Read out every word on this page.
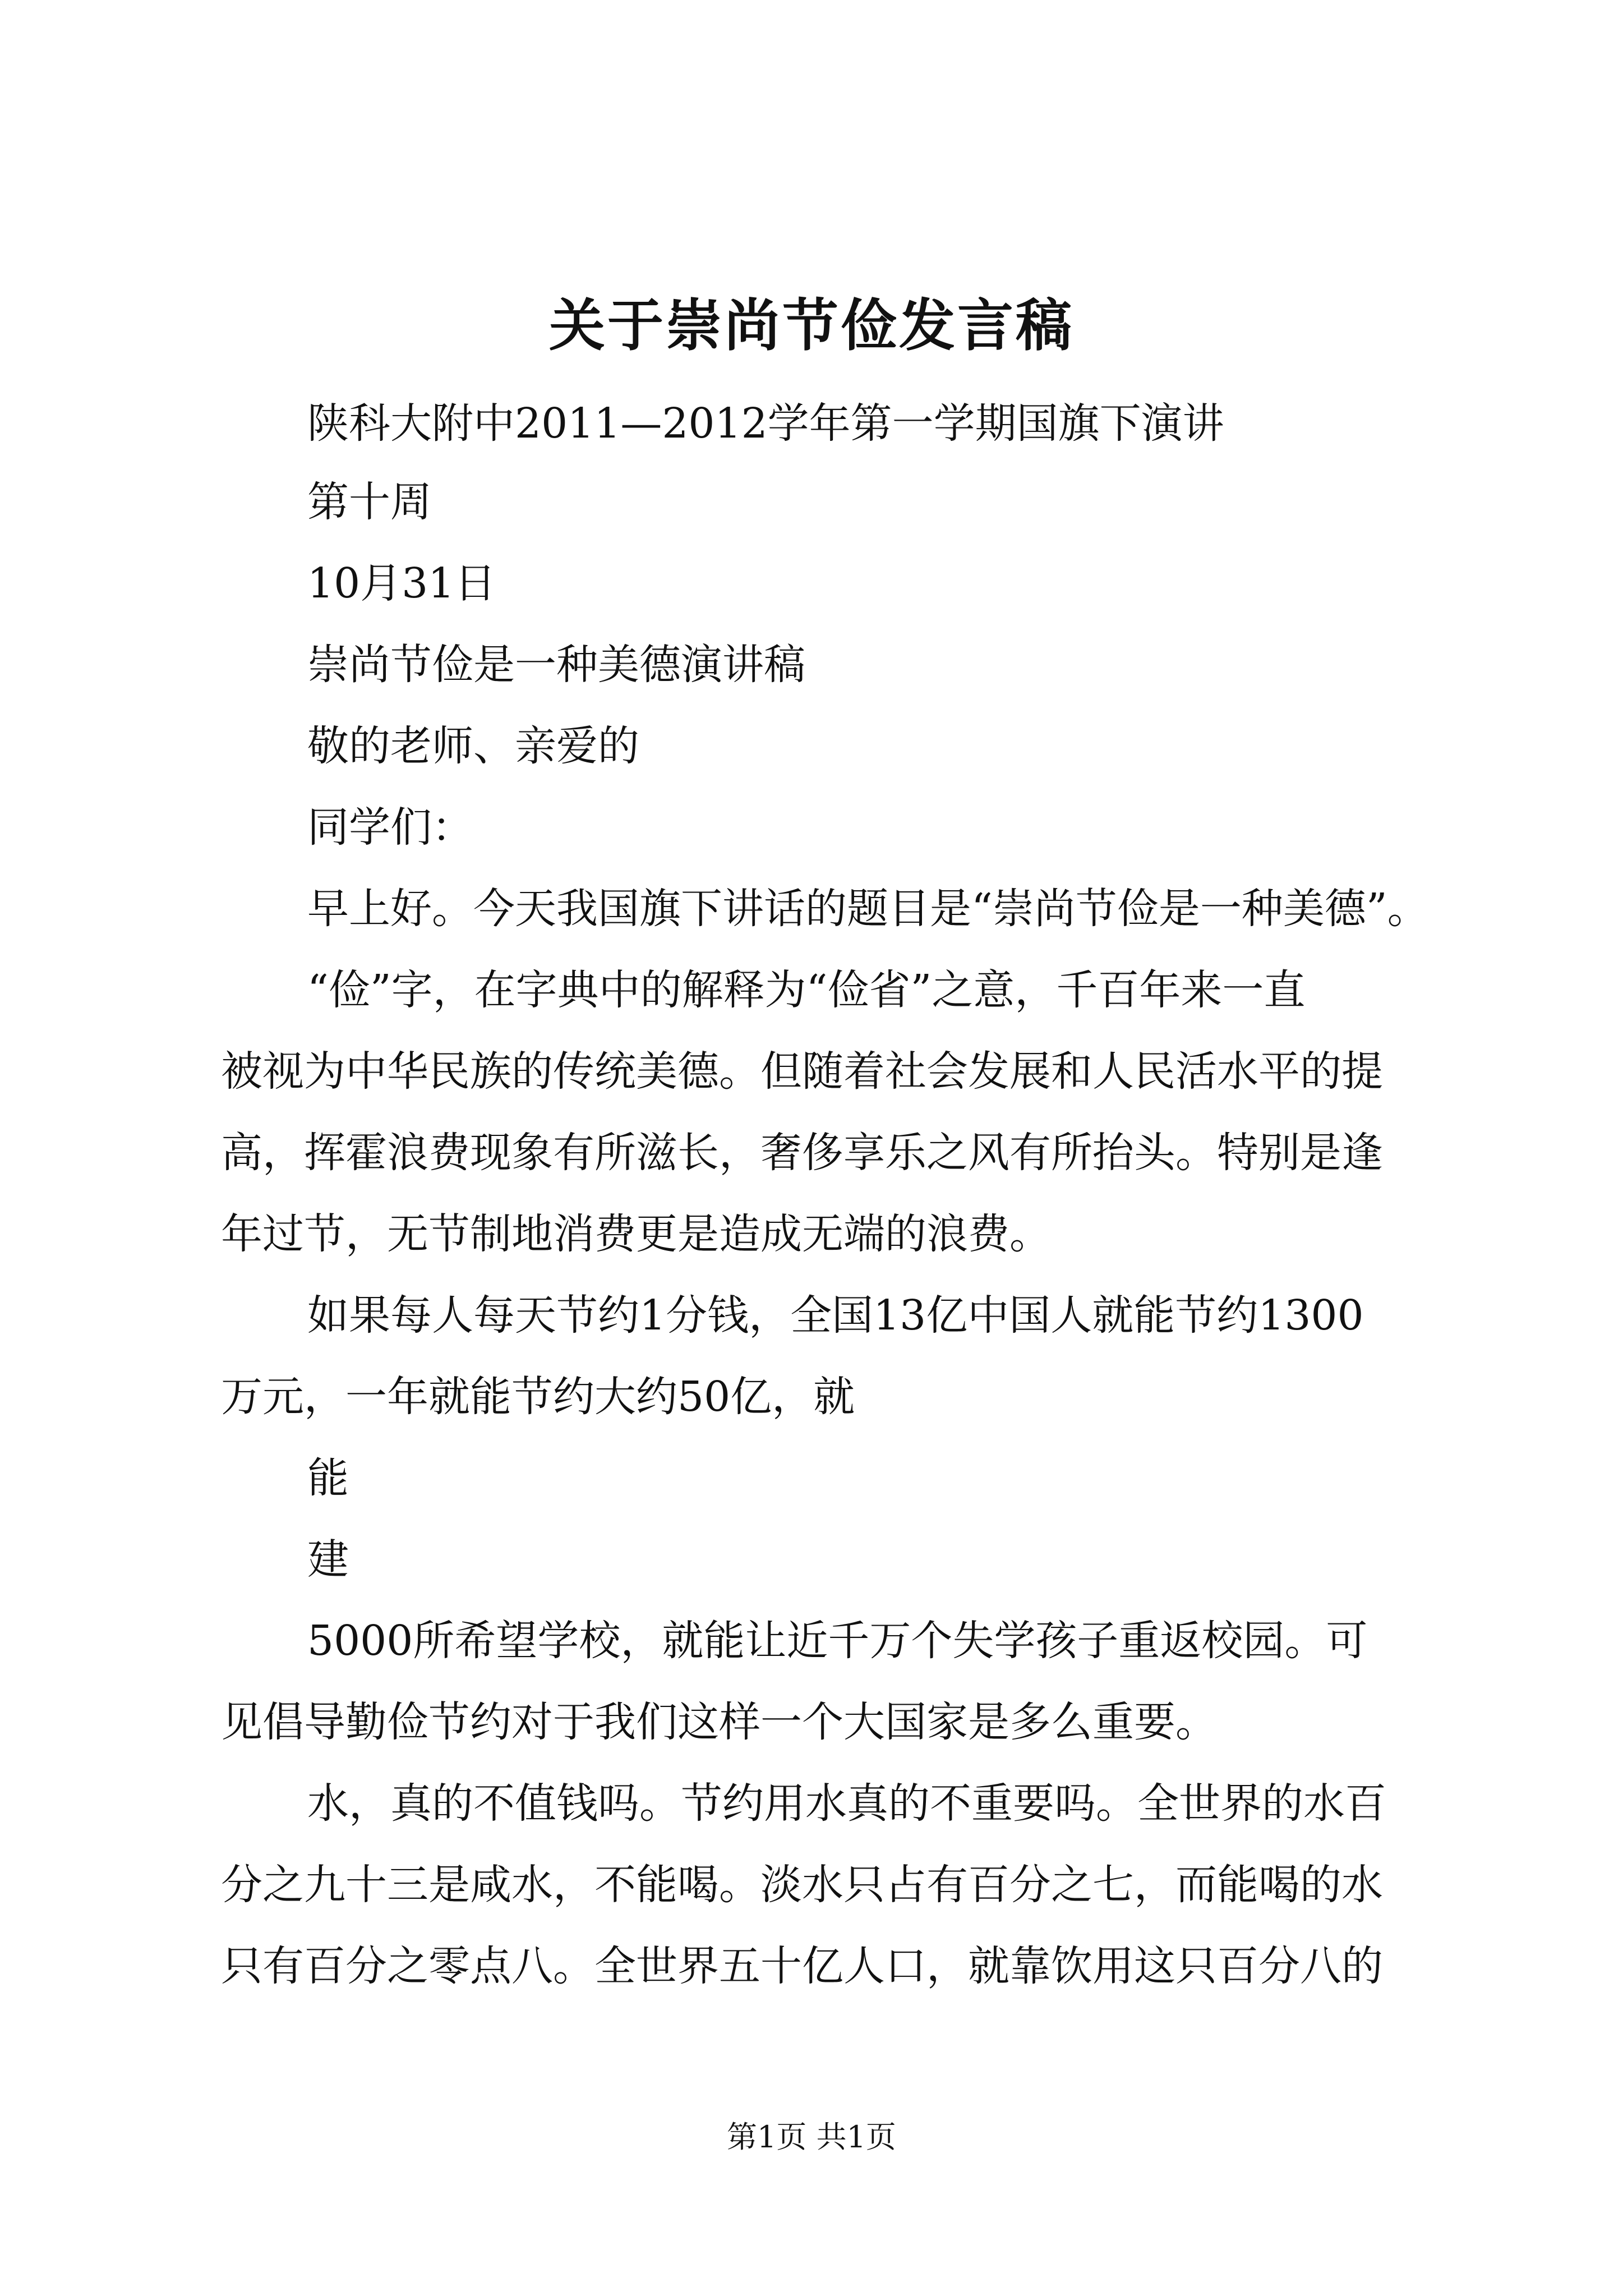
关于崇尚节俭发言稿

陕科大附中2011—2012学年第一学期国旗下演讲

第十周

10月31日

崇尚节俭是一种美德演讲稿

敬的老师、亲爱的

同学们：

早上好。今天我国旗下讲话的题目是“崇尚节俭是一种美德”。

“俭”字，在字典中的解释为“俭省”之意，千百年来一直

被视为中华民族的传统美德。但随着社会发展和人民活水平的提

高，挥霍浪费现象有所滋长，奢侈享乐之风有所抬头。特别是逢

年过节，无节制地消费更是造成无端的浪费。

如果每人每天节约1分钱，全国13亿中国人就能节约1300

万元，一年就能节约大约50亿，就

能

建

5000所希望学校，就能让近千万个失学孩子重返校园。可

见倡导勤俭节约对于我们这样一个大国家是多么重要。

水，真的不值钱吗。节约用水真的不重要吗。全世界的水百

分之九十三是咸水，不能喝。淡水只占有百分之七，而能喝的水

只有百分之零点八。全世界五十亿人口，就靠饮用这只百分八的

第1页 共1页
